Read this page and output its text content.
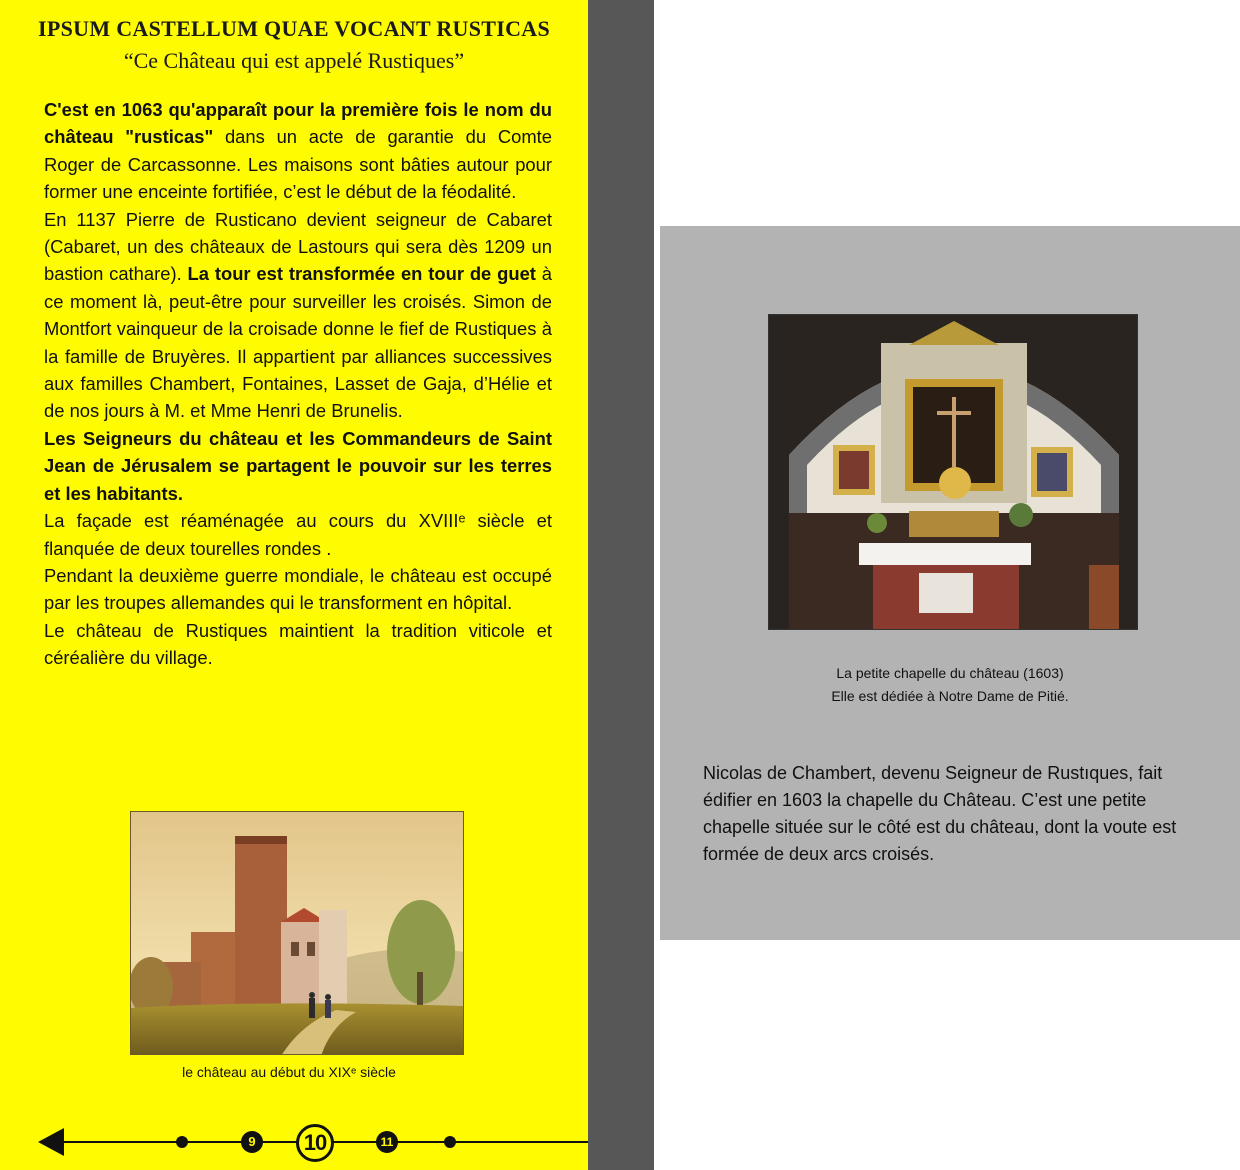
IPSUM CASTELLUM QUAE VOCANT RUSTICAS
“Ce Château qui est appelé Rustiques”

C'est en 1063 qu'apparaît pour la première fois le nom du château "rusticas" dans un acte de garantie du Comte Roger de Carcassonne. Les maisons sont bâties autour pour former une enceinte fortifiée, c’est le début de la féodalité.

En 1137 Pierre de Rusticano devient seigneur de Cabaret (Cabaret, un des châteaux de Lastours qui sera dès 1209 un bastion cathare). La tour est transformée en tour de guet à ce moment là, peut-être pour surveiller les croisés. Simon de Montfort vainqueur de la croisade donne le fief de Rustiques à la famille de Bruyères. Il appartient par alliances successives aux familles Chambert, Fontaines, Lasset de Gaja, d’Hélie et de nos jours à M. et Mme Henri de Brunelis.

Les Seigneurs du château et les Commandeurs de Saint Jean de Jérusalem se partagent le pouvoir sur les terres et les habitants.

La façade est réaménagée au cours du XVIIIᵉ siècle et flanquée de deux tourelles rondes .

Pendant la deuxième guerre mondiale, le château est occupé par les troupes allemandes qui le transforment en hôpital.

Le château de Rustiques maintient la tradition viticole et céréalière du village.

le château au début du XIXᵉ siècle
9	10	11
La petite chapelle du château (1603)
Elle est dédiée à Notre Dame de Pitié.
Nicolas de Chambert, devenu Seigneur de Rustıques, fait édifier en 1603 la chapelle du Château. C’est une petite chapelle située sur le côté est du château, dont la voute est formée de deux arcs croisés.
